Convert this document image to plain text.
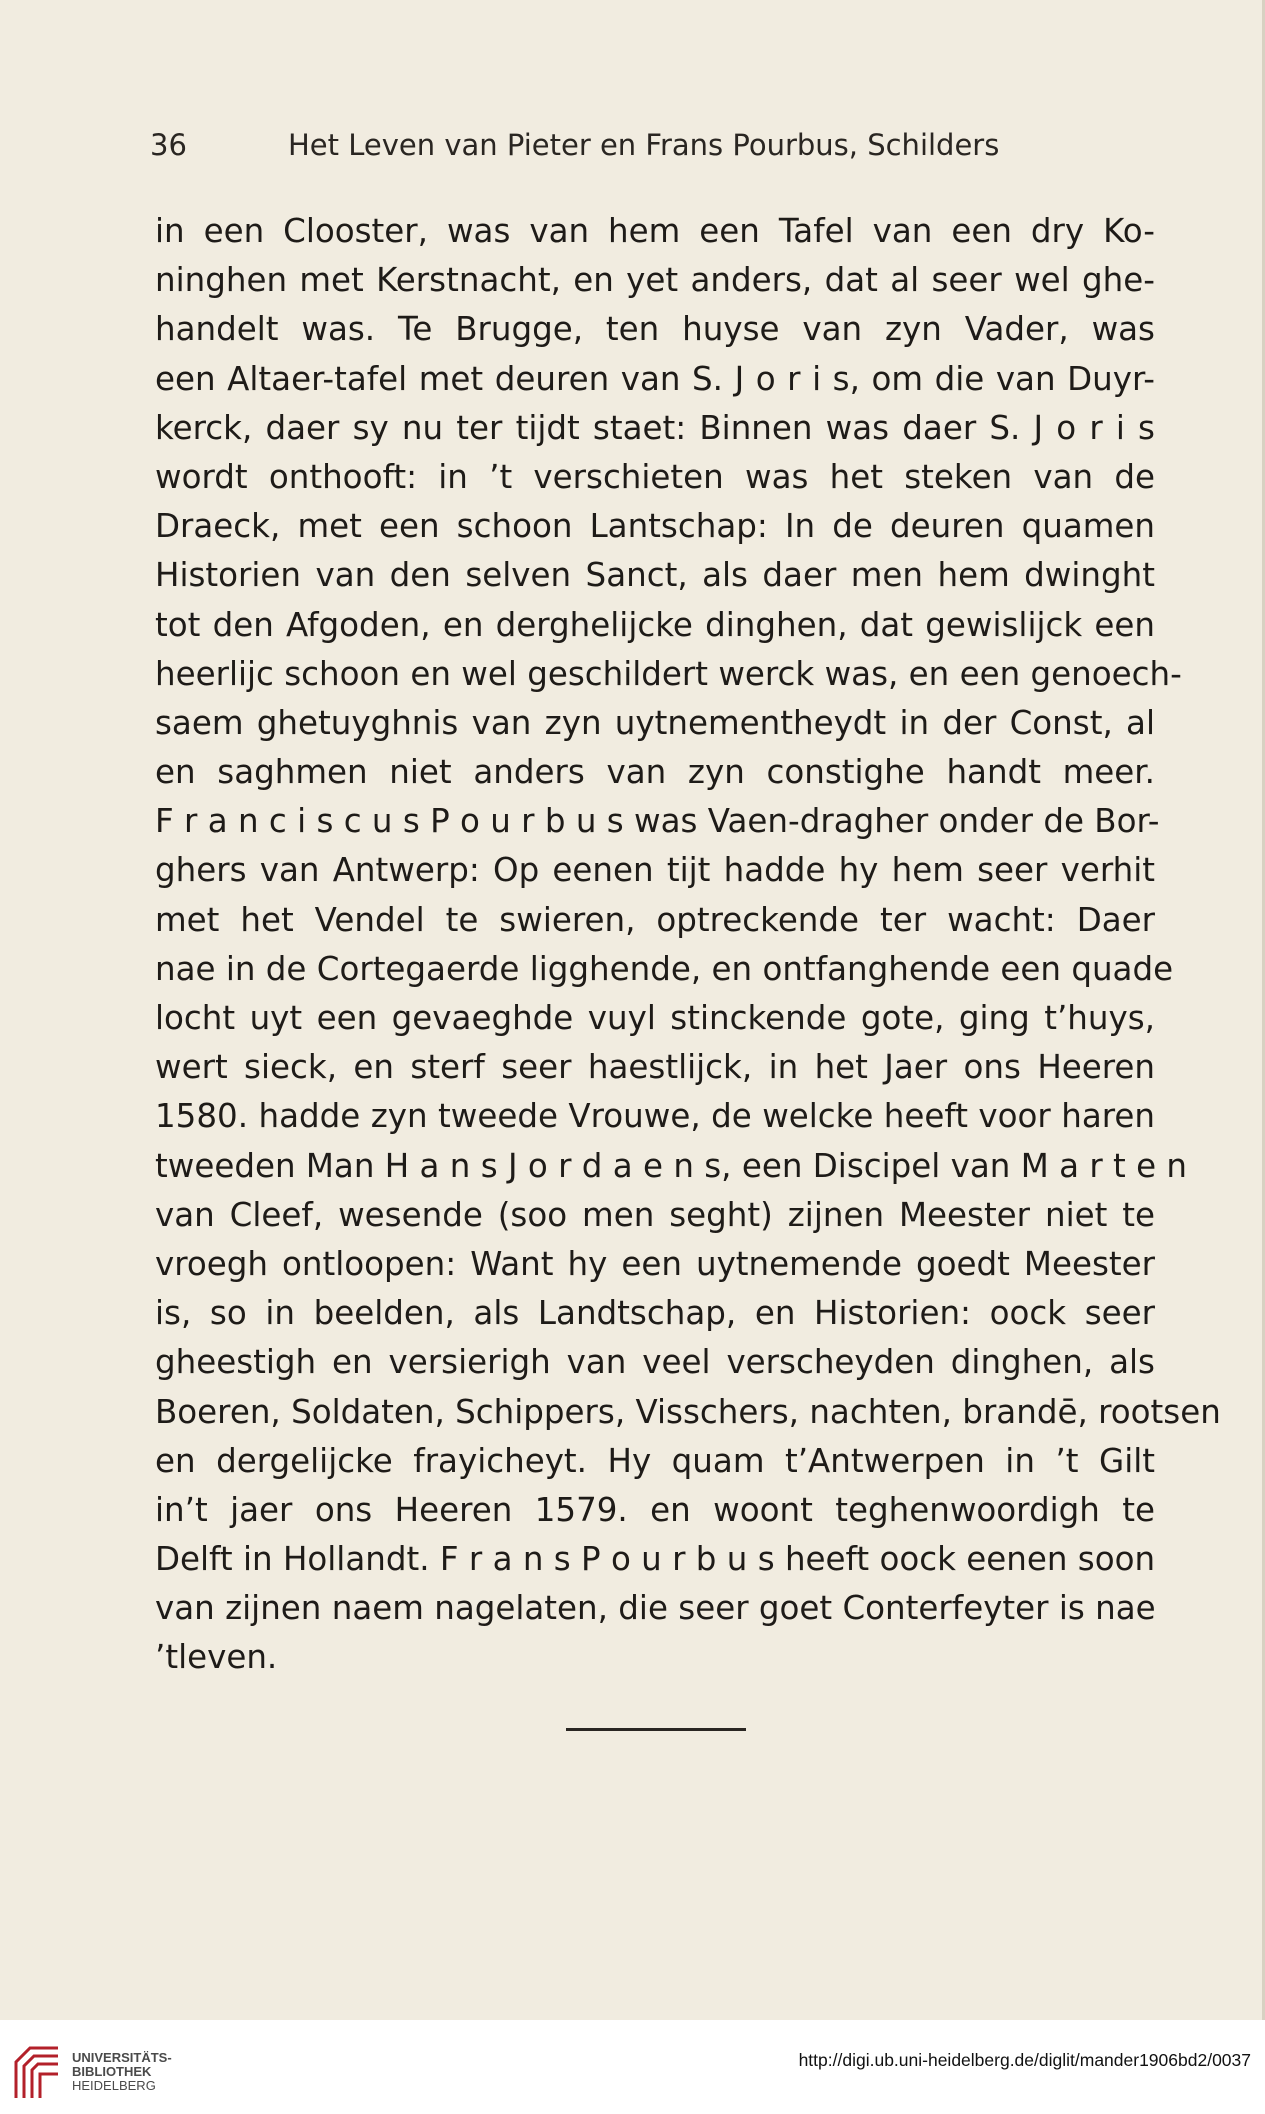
36	Het Leven van Pieter en Frans Pourbus, Schilders
in een Clooster, was van hem een Tafel van een dry Ko-
ninghen met Kerstnacht, en yet anders, dat al seer wel ghe-
handelt was. Te Brugge, ten huyse van zyn Vader, was
een Altaer-tafel met deuren van S. J o r i s, om die van Duyr-
kerck, daer sy nu ter tijdt staet: Binnen was daer S. J o r i s
wordt onthooft: in ’t verschieten was het steken van de
Draeck, met een schoon Lantschap: In de deuren quamen
Historien van den selven Sanct, als daer men hem dwinght
tot den Afgoden, en derghelijcke dinghen, dat gewislijck een
heerlijc schoon en wel geschildert werck was, en een genoech-
saem ghetuyghnis van zyn uytnementheydt in der Const, al
en saghmen niet anders van zyn constighe handt meer.
F r a n c i s c u s P o u r b u s was Vaen-dragher onder de Bor-
ghers van Antwerp: Op eenen tijt hadde hy hem seer verhit
met het Vendel te swieren, optreckende ter wacht: Daer
nae in de Cortegaerde ligghende, en ontfanghende een quade
locht uyt een gevaeghde vuyl stinckende gote, ging t’huys,
wert sieck, en sterf seer haestlijck, in het Jaer ons Heeren
1580. hadde zyn tweede Vrouwe, de welcke heeft voor haren
tweeden Man H a n s J o r d a e n s, een Discipel van M a r t e n
van Cleef, wesende (soo men seght) zijnen Meester niet te
vroegh ontloopen: Want hy een uytnemende goedt Meester
is, so in beelden, als Landtschap, en Historien: oock seer
gheestigh en versierigh van veel verscheyden dinghen, als
Boeren, Soldaten, Schippers, Visschers, nachten, brandē, rootsen
en dergelijcke frayicheyt. Hy quam t’Antwerpen in ’t Gilt
in’t jaer ons Heeren 1579. en woont teghenwoordigh te
Delft in Hollandt. F r a n s P o u r b u s heeft oock eenen soon
van zijnen naem nagelaten, die seer goet Conterfeyter is nae
’tleven.
UNIVERSITÄTS-
BIBLIOTHEK
HEIDELBERG
http://digi.ub.uni-heidelberg.de/diglit/mander1906bd2/0037
